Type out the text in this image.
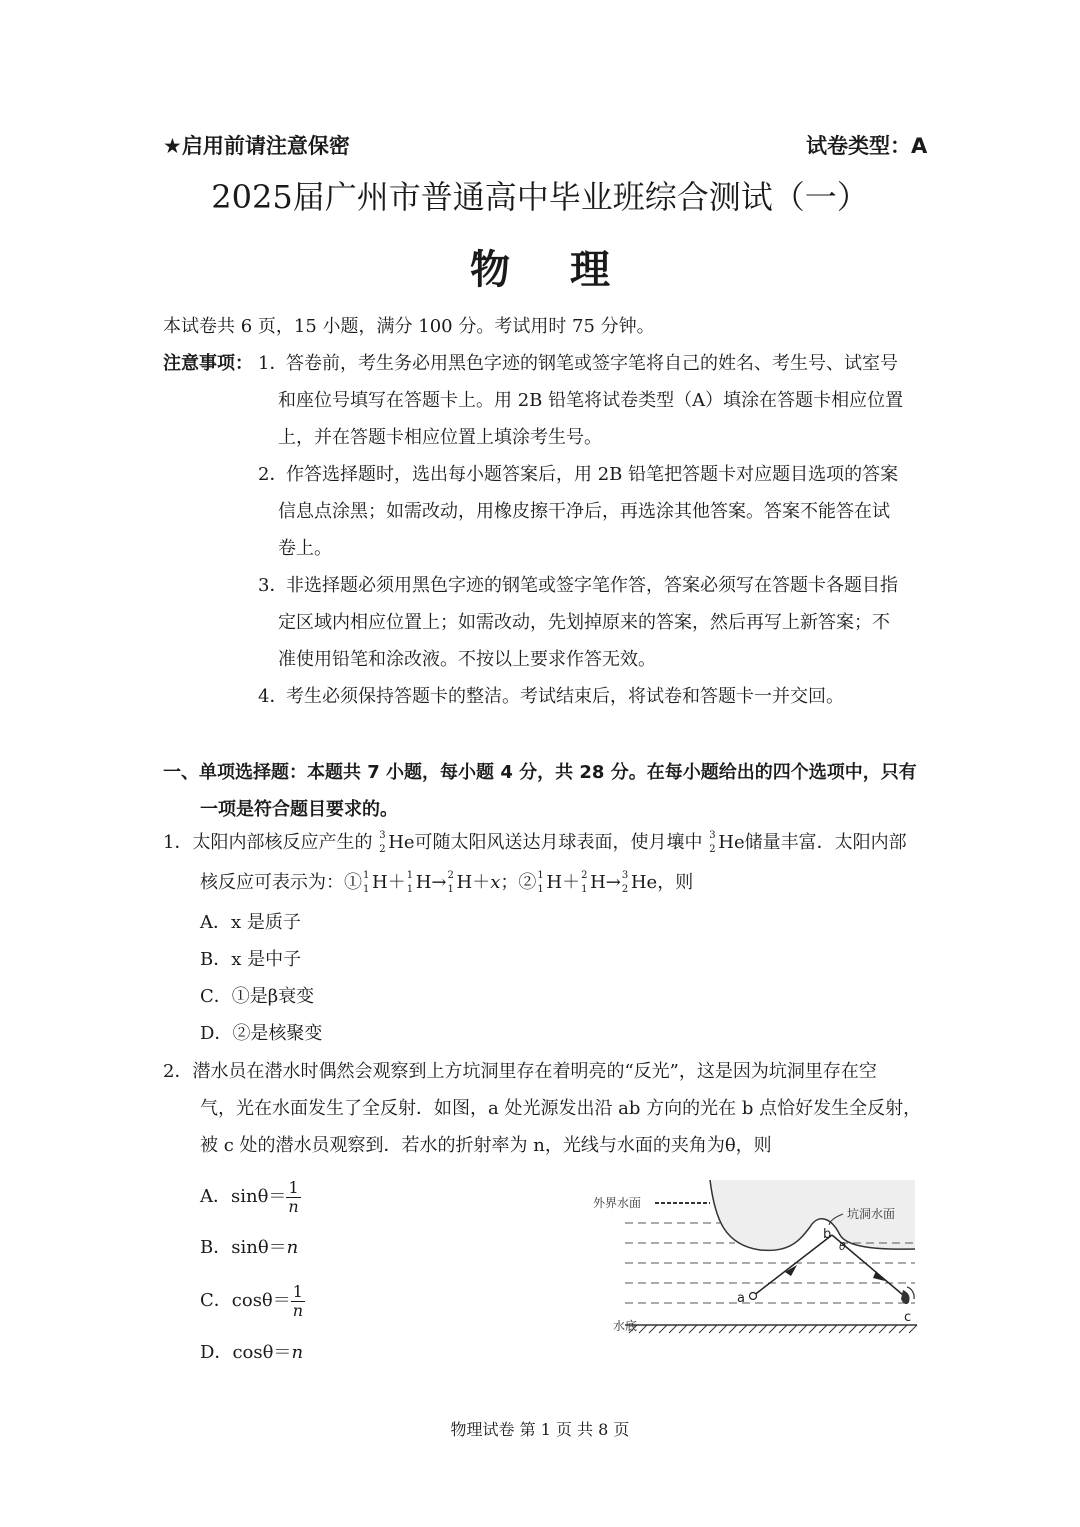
★启用前请注意保密	试卷类型：A
2025届广州市普通高中毕业班综合测试（一）
物理
本试卷共 6 页，15 小题，满分 100 分。考试用时 75 分钟。
注意事项： 1．
答卷前，考生务必用黑色字迹的钢笔或签字笔将自己的姓名、考生号、试室号
和座位号填写在答题卡上。用 2B 铅笔将试卷类型（A）填涂在答题卡相应位置
上，并在答题卡相应位置上填涂考生号。
2．
作答选择题时，选出每小题答案后，用 2B 铅笔把答题卡对应题目选项的答案
信息点涂黑；如需改动，用橡皮擦干净后，再选涂其他答案。答案不能答在试
卷上。
3．
非选择题必须用黑色字迹的钢笔或签字笔作答，答案必须写在答题卡各题目指
定区域内相应位置上；如需改动，先划掉原来的答案，然后再写上新答案；不
准使用铅笔和涂改液。不按以上要求作答无效。
4．
考生必须保持答题卡的整洁。考试结束后，将试卷和答题卡一并交回。
一、单项选择题：本题共 7 小题，每小题 4 分，共 28 分。在每小题给出的四个选项中，只有
一项是符合题目要求的。
1．太阳内部核反应产生的 3
2 He可随太阳风送达月球表面，使月壤中 3
2 He储量丰富．太阳内部
核反应可表示为：① 1
1 H＋ 1
1 H→ 2
1 H＋x；② 1
1 H＋ 2
1 H→ 3
2 He，则
A．x 是质子
B．x 是中子
C．①是β衰变
D．②是核聚变
2．潜水员在潜水时偶然会观察到上方坑洞里存在着明亮的“反光”，这是因为坑洞里存在空
气，光在水面发生了全反射．如图，a 处光源发出沿 ab 方向的光在 b 点恰好发生全反射，
被 c 处的潜水员观察到．若水的折射率为 n，光线与水面的夹角为θ，则
A．$\sin\theta= \frac{1}{n}$
B．sinθ＝n
C．$\cos\theta= \frac{1}{n}$
D．cosθ＝n
外界水面
坑洞水面
水底
a
b
c
θ
物理试卷 第 1 页 共 8 页
